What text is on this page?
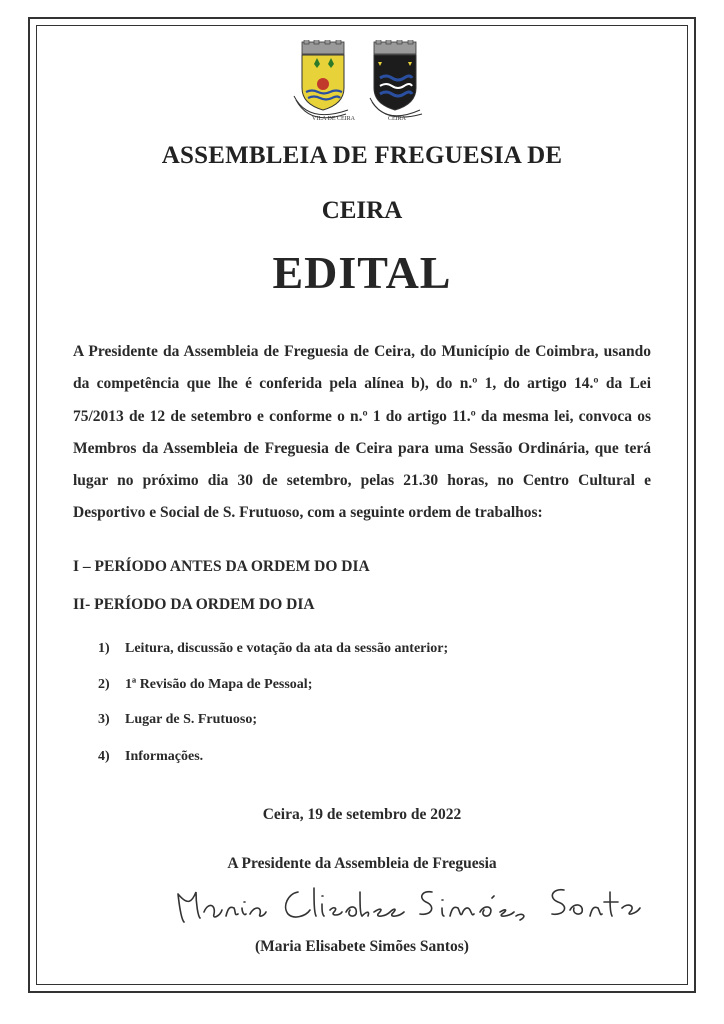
VILA DE CEIRA	CEIRA
ASSEMBLEIA DE FREGUESIA DE
CEIRA
EDITAL
A Presidente da Assembleia de Freguesia de Ceira, do Município de Coimbra, usando da competência que lhe é conferida pela alínea b), do n.º 1, do artigo 14.º da Lei 75/2013 de 12 de setembro e conforme o n.º 1 do artigo 11.º da mesma lei, convoca os Membros da Assembleia de Freguesia de Ceira para uma Sessão Ordinária, que terá lugar no próximo dia 30 de setembro, pelas 21.30 horas, no Centro Cultural e Desportivo e Social de S. Frutuoso, com a seguinte ordem de trabalhos:
I – PERÍODO ANTES DA ORDEM DO DIA
II- PERÍODO DA ORDEM DO DIA
1) Leitura, discussão e votação da ata da sessão anterior;
2) 1ª Revisão do Mapa de Pessoal;
3) Lugar de S. Frutuoso;
4) Informações.
Ceira, 19 de setembro de 2022
A Presidente da Assembleia de Freguesia
(Maria Elisabete Simões Santos)
